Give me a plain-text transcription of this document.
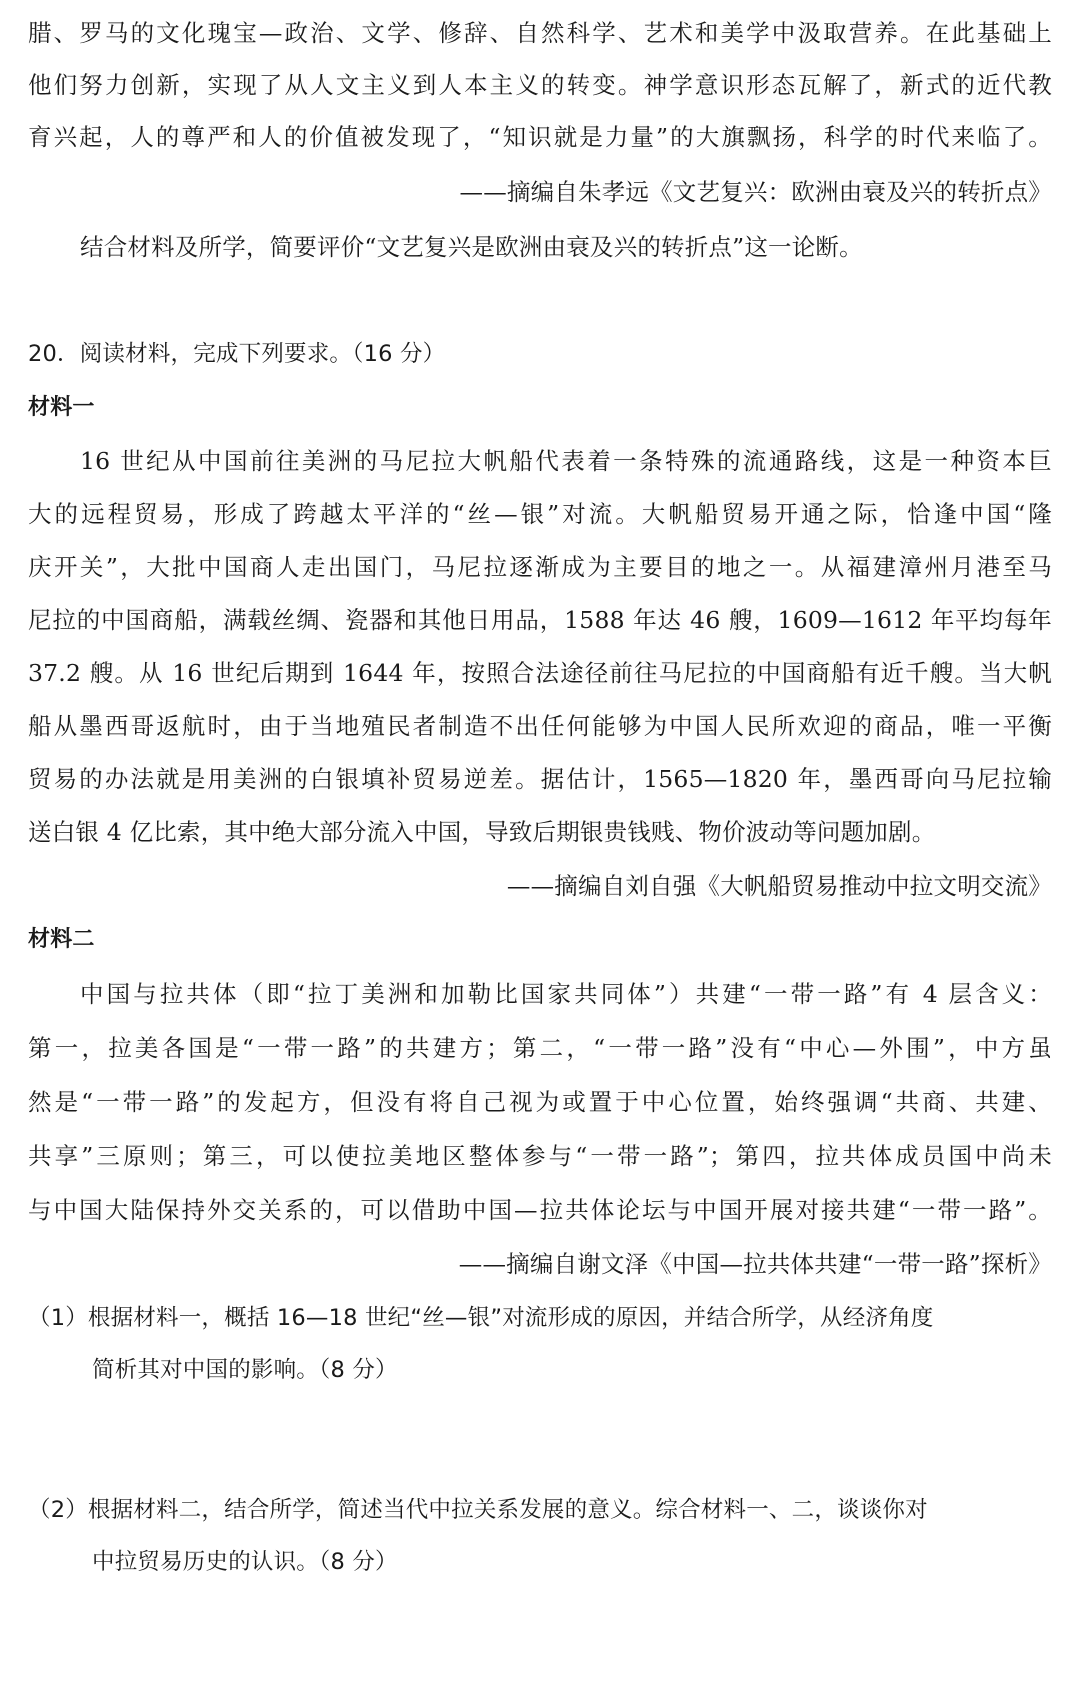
腊、罗马的文化瑰宝—政治、文学、修辞、自然科学、艺术和美学中汲取营养。在此基础上
他们努力创新，实现了从人文主义到人本主义的转变。神学意识形态瓦解了，新式的近代教
育兴起，人的尊严和人的价值被发现了，“知识就是力量”的大旗飘扬，科学的时代来临了。
——摘编自朱孝远《文艺复兴：欧洲由衰及兴的转折点》
结合材料及所学，简要评价“文艺复兴是欧洲由衰及兴的转折点”这一论断。
20．阅读材料，完成下列要求。（16 分）
材料一
16 世纪从中国前往美洲的马尼拉大帆船代表着一条特殊的流通路线，这是一种资本巨
大的远程贸易，形成了跨越太平洋的“丝—银”对流。大帆船贸易开通之际，恰逢中国“隆
庆开关”，大批中国商人走出国门，马尼拉逐渐成为主要目的地之一。从福建漳州月港至马
尼拉的中国商船，满载丝绸、瓷器和其他日用品，1588 年达 46 艘，1609—1612 年平均每年
37.2 艘。从 16 世纪后期到 1644 年，按照合法途径前往马尼拉的中国商船有近千艘。当大帆
船从墨西哥返航时，由于当地殖民者制造不出任何能够为中国人民所欢迎的商品，唯一平衡
贸易的办法就是用美洲的白银填补贸易逆差。据估计，1565—1820 年，墨西哥向马尼拉输
送白银 4 亿比索，其中绝大部分流入中国，导致后期银贵钱贱、物价波动等问题加剧。
——摘编自刘自强《大帆船贸易推动中拉文明交流》
材料二
中国与拉共体（即“拉丁美洲和加勒比国家共同体”）共建“一带一路”有 4 层含义：
第一，拉美各国是“一带一路”的共建方；第二，“一带一路”没有“中心—外围”，中方虽
然是“一带一路”的发起方，但没有将自己视为或置于中心位置，始终强调“共商、共建、
共享”三原则；第三，可以使拉美地区整体参与“一带一路”；第四，拉共体成员国中尚未
与中国大陆保持外交关系的，可以借助中国—拉共体论坛与中国开展对接共建“一带一路”。
——摘编自谢文泽《中国—拉共体共建“一带一路”探析》
（1）根据材料一，概括 16—18 世纪“丝—银”对流形成的原因，并结合所学，从经济角度
简析其对中国的影响。（8 分）
（2）根据材料二，结合所学，简述当代中拉关系发展的意义。综合材料一、二，谈谈你对
中拉贸易历史的认识。（8 分）
